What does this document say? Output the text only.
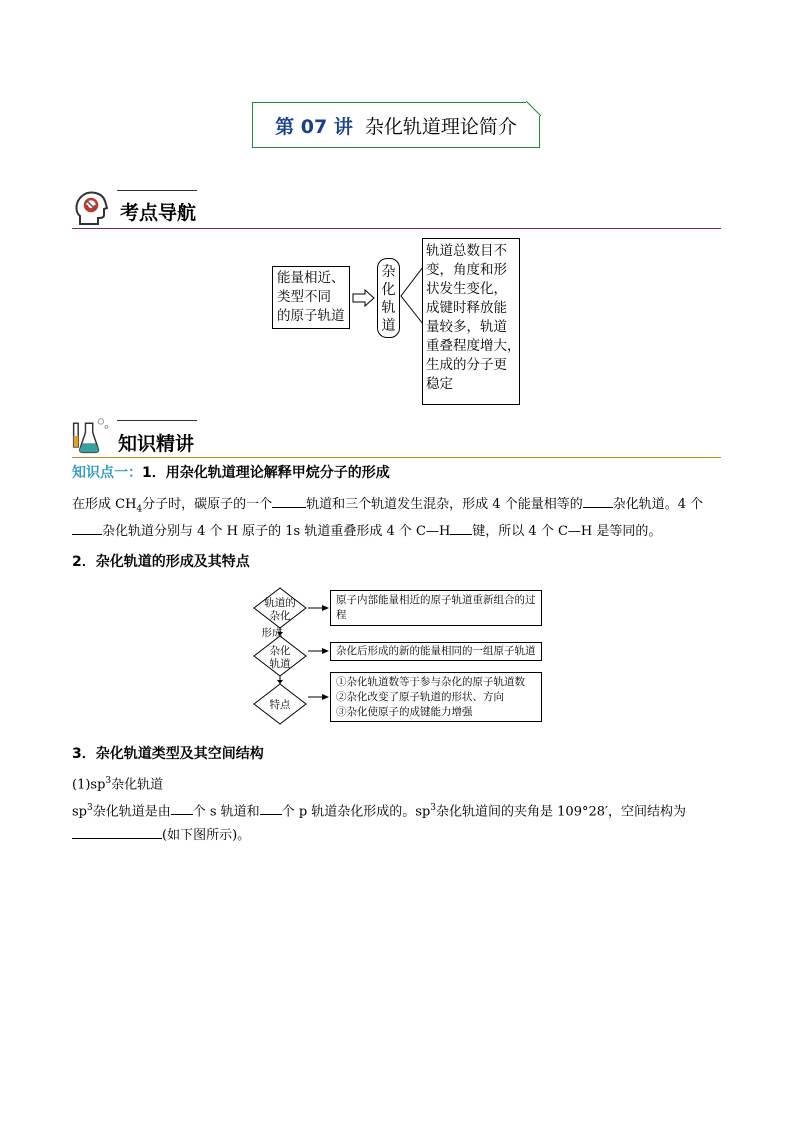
第 07 讲 杂化轨道理论简介
考点导航
能量相近、
类型不同
的原子轨道
杂
化
轨
道
轨道总数目不
变，角度和形
状发生变化，
成键时释放能
量较多，轨道
重叠程度增大，
生成的分子更
稳定
知识精讲
知识点一：1．用杂化轨道理论解释甲烷分子的形成
在形成 $CH_4$分子时，碳原子的一个	轨道和三个轨道发生混杂，形成 4 个能量相等的 杂化轨道。4 个
杂化轨道分别与 4 个 H 原子的 1s 轨道重叠形成 4 个 C—H 键，所以 4 个 C—H 是等同的。
2．杂化轨道的形成及其特点
轨道的
杂化
形成
杂化
轨道
特点
原子内部能量相近的原子轨道重新组合的过
程
杂化后形成的新的能量相同的一组原子轨道
①杂化轨道数等于参与杂化的原子轨道数
②杂化改变了原子轨道的形状、方向
③杂化使原子的成键能力增强
3．杂化轨道类型及其空间结构
$(1)sp^3$杂化轨道
$sp^3$杂化轨道是由 个 s 轨道和 个 p 轨道杂化形成的。$sp^3$杂化轨道间的夹角是 109°28′，空间结构为
(如下图所示)。
